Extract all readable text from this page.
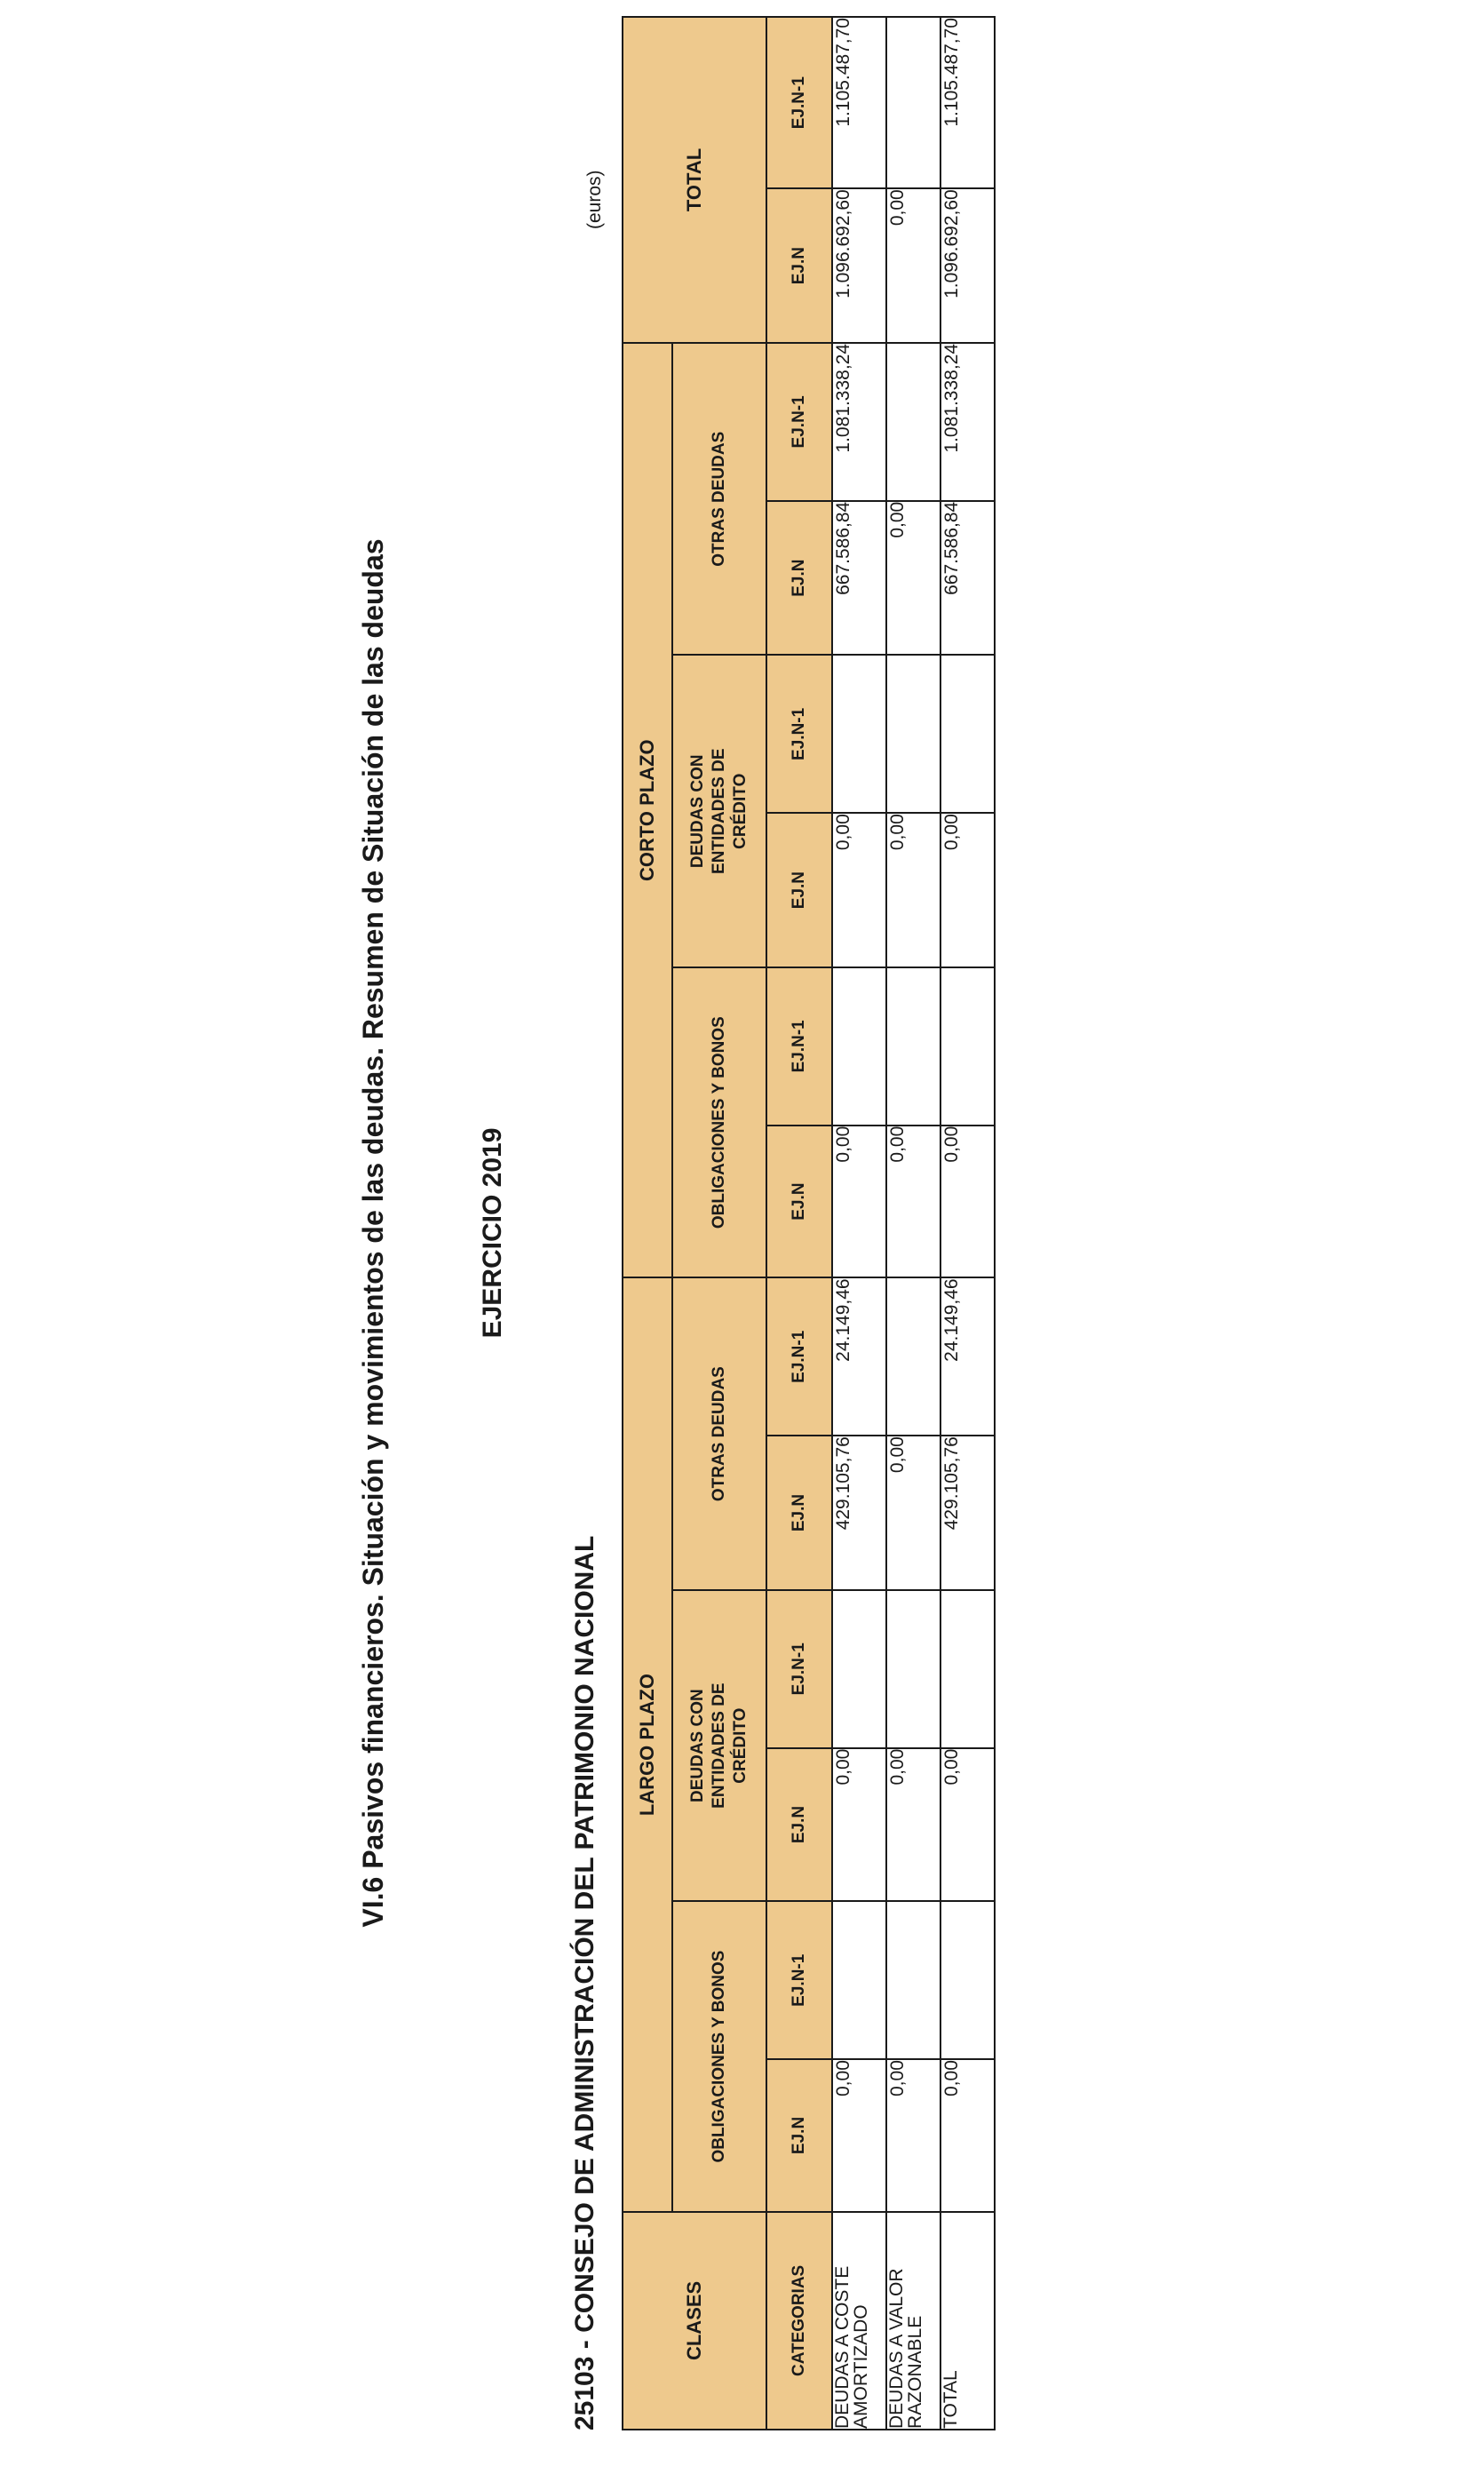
VI.6 Pasivos financieros. Situación y movimientos de las deudas. Resumen de Situación de las deudas	EJERCICIO 2019
25103 - CONSEJO DE ADMINISTRACIÓN DEL PATRIMONIO NACIONAL
(euros)
CLASES	LARGO PLAZO						CORTO PLAZO						TOTAL	
	OBLIGACIONES Y BONOS		DEUDAS CON ENTIDADES DE CRÉDITO		OTRAS DEUDAS		OBLIGACIONES Y BONOS		DEUDAS CON ENTIDADES DE CRÉDITO		OTRAS DEUDAS			
CATEGORIAS	EJ.N	EJ.N-1	EJ.N	EJ.N-1	EJ.N	EJ.N-1	EJ.N	EJ.N-1	EJ.N	EJ.N-1	EJ.N	EJ.N-1	EJ.N	EJ.N-1
DEUDAS A COSTE AMORTIZADO	0,00		0,00		429.105,76	24.149,46	0,00		0,00		667.586,84	1.081.338,24	1.096.692,60	1.105.487,70
DEUDAS A VALOR RAZONABLE	0,00		0,00		0,00		0,00		0,00		0,00		0,00	
TOTAL	0,00		0,00		429.105,76	24.149,46	0,00		0,00		667.586,84	1.081.338,24	1.096.692,60	1.105.487,70
